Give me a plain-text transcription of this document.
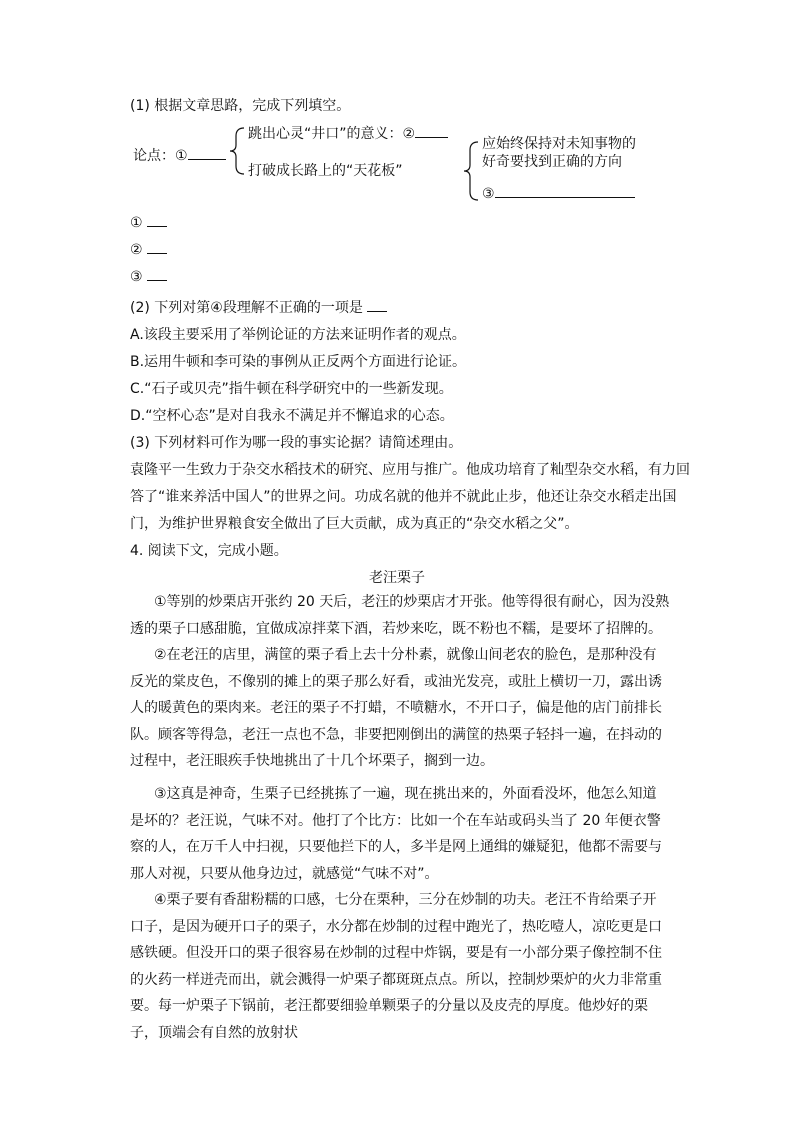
(1) 根据文章思路，完成下列填空。
论点：①
跳出心灵“井口”的意义：②
打破成长路上的“天花板”
应始终保持对未知事物的
好奇要找到正确的方向
③
①
②
③
(2) 下列对第④段理解不正确的一项是
A.该段主要采用了举例论证的方法来证明作者的观点。
B.运用牛顿和李可染的事例从正反两个方面进行论证。
C.“石子或贝壳”指牛顿在科学研究中的一些新发现。
D.“空杯心态”是对自我永不满足并不懈追求的心态。
(3) 下列材料可作为哪一段的事实论据？请简述理由。
袁隆平一生致力于杂交水稻技术的研究、应用与推广。他成功培育了籼型杂交水稻，有力回
答了“谁来养活中国人”的世界之问。功成名就的他并不就此止步，他还让杂交水稻走出国
门，为维护世界粮食安全做出了巨大贡献，成为真正的“杂交水稻之父”。
4. 阅读下文，完成小题。
老汪栗子
①等别的炒栗店开张约 20 天后，老汪的炒栗店才开张。他等得很有耐心，因为没熟透的栗子口感甜脆，宜做成凉拌菜下酒，若炒来吃，既不粉也不糯，是要坏了招牌的。
②在老汪的店里，满筐的栗子看上去十分朴素，就像山间老农的脸色，是那种没有反光的棠皮色，不像别的摊上的栗子那么好看，或油光发亮，或肚上横切一刀，露出诱人的暖黄色的栗肉来。老汪的栗子不打蜡，不喷糖水，不开口子，偏是他的店门前排长队。顾客等得急，老汪一点也不急，非要把刚倒出的满筐的热栗子轻抖一遍，在抖动的过程中，老汪眼疾手快地挑出了十几个坏栗子，搁到一边。
③这真是神奇，生栗子已经挑拣了一遍，现在挑出来的，外面看没坏，他怎么知道是坏的？老汪说，气味不对。他打了个比方：比如一个在车站或码头当了 20 年便衣警察的人，在万千人中扫视，只要他拦下的人，多半是网上通缉的嫌疑犯，他都不需要与那人对视，只要从他身边过，就感觉“气味不对”。
④栗子要有香甜粉糯的口感，七分在栗种，三分在炒制的功夫。老汪不肯给栗子开口子，是因为硬开口子的栗子，水分都在炒制的过程中跑光了，热吃噎人，凉吃更是口感铁硬。但没开口的栗子很容易在炒制的过程中炸锅，要是有一小部分栗子像控制不住的火药一样迸壳而出，就会溅得一炉栗子都斑斑点点。所以，控制炒栗炉的火力非常重要。每一炉栗子下锅前，老汪都要细验单颗栗子的分量以及皮壳的厚度。他炒好的栗子，顶端会有自然的放射状
